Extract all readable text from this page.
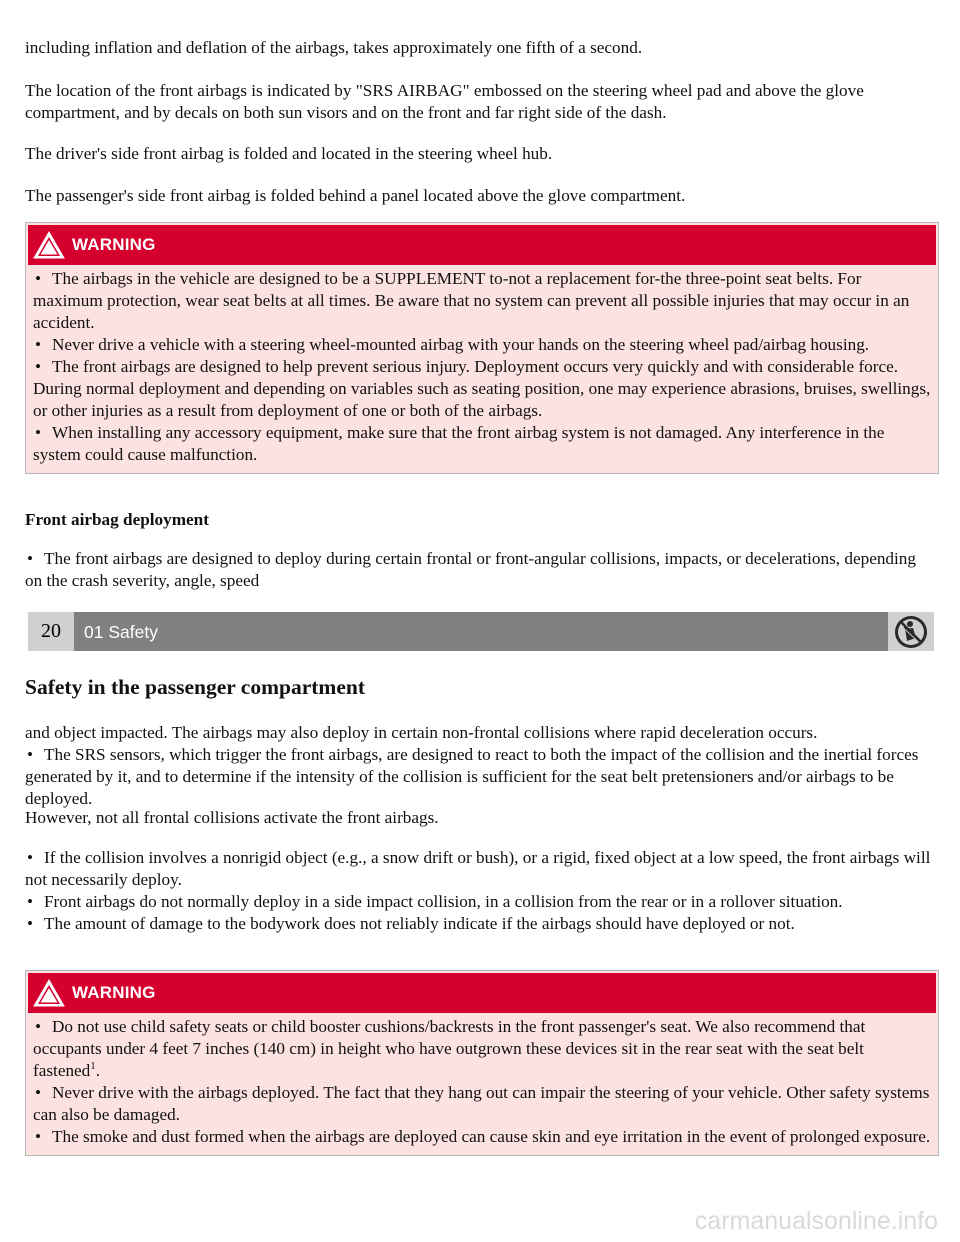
including inflation and deflation of the airbags, takes approximately one fifth of a second.

The location of the front airbags is indicated by "SRS AIRBAG" embossed on the steering wheel pad and above the glove compartment, and by decals on both sun visors and on the front and far right side of the dash.

The driver's side front airbag is folded and located in the steering wheel hub.

The passenger's side front airbag is folded behind a panel located above the glove compartment.

WARNING
• The airbags in the vehicle are designed to be a SUPPLEMENT to-not a replacement for-the three-point seat belts. For maximum protection, wear seat belts at all times. Be aware that no system can prevent all possible injuries that may occur in an accident.
• Never drive a vehicle with a steering wheel-mounted airbag with your hands on the steering wheel pad/airbag housing.
• The front airbags are designed to help prevent serious injury. Deployment occurs very quickly and with considerable force. During normal deployment and depending on variables such as seating position, one may experience abrasions, bruises, swellings, or other injuries as a result from deployment of one or both of the airbags.
• When installing any accessory equipment, make sure that the front airbag system is not damaged. Any interference in the system could cause malfunction.
Front airbag deployment
• The front airbags are designed to deploy during certain frontal or front-angular collisions, impacts, or decelerations, depending on the crash severity, angle, speed
20	01 Safety
Safety in the passenger compartment
and object impacted. The airbags may also deploy in certain non-frontal collisions where rapid deceleration occurs.
• The SRS sensors, which trigger the front airbags, are designed to react to both the impact of the collision and the inertial forces generated by it, and to determine if the intensity of the collision is sufficient for the seat belt pretensioners and/or airbags to be deployed.

However, not all frontal collisions activate the front airbags.

• If the collision involves a nonrigid object (e.g., a snow drift or bush), or a rigid, fixed object at a low speed, the front airbags will not necessarily deploy.
• Front airbags do not normally deploy in a side impact collision, in a collision from the rear or in a rollover situation.
• The amount of damage to the bodywork does not reliably indicate if the airbags should have deployed or not.
WARNING
• Do not use child safety seats or child booster cushions/backrests in the front passenger's seat. We also recommend that occupants under 4 feet 7 inches (140 cm) in height who have outgrown these devices sit in the rear seat with the seat belt fastened$^1$.
• Never drive with the airbags deployed. The fact that they hang out can impair the steering of your vehicle. Other safety systems can also be damaged.
• The smoke and dust formed when the airbags are deployed can cause skin and eye irritation in the event of prolonged exposure.
carmanualsonline.info
